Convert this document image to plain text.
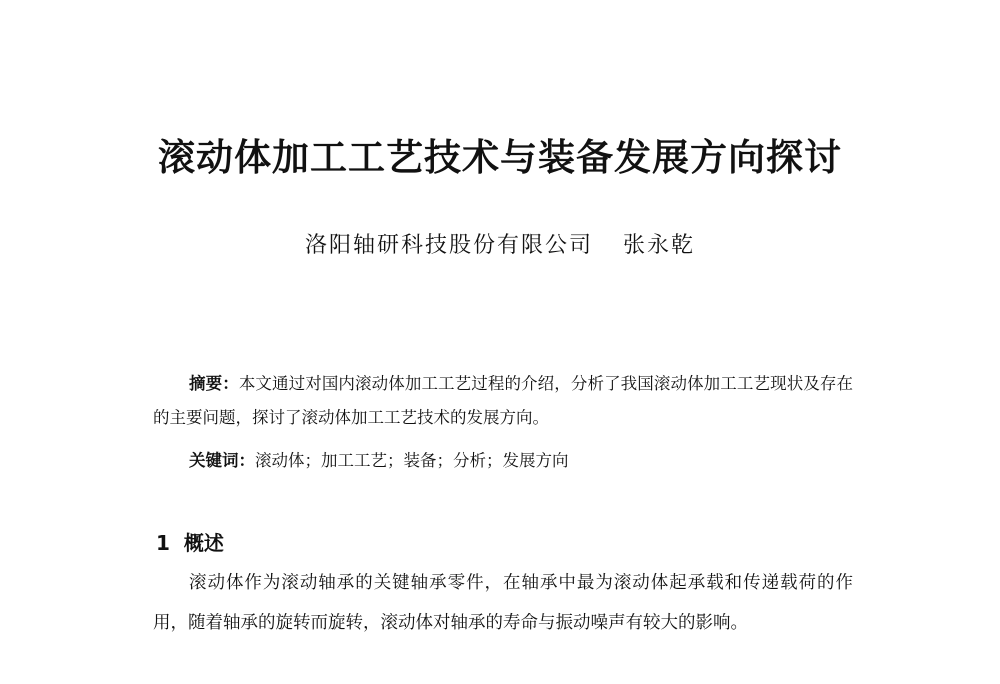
滚动体加工工艺技术与装备发展方向探讨
洛阳轴研科技股份有限公司 张永乾
摘要：本文通过对国内滚动体加工工艺过程的介绍，分析了我国滚动体加工工艺现状及存在的主要问题，探讨了滚动体加工工艺技术的发展方向。
关键词：滚动体；加工工艺；装备；分析；发展方向
1 概述
滚动体作为滚动轴承的关键轴承零件，在轴承中最为滚动体起承载和传递载荷的作用，随着轴承的旋转而旋转，滚动体对轴承的寿命与振动噪声有较大的影响。
